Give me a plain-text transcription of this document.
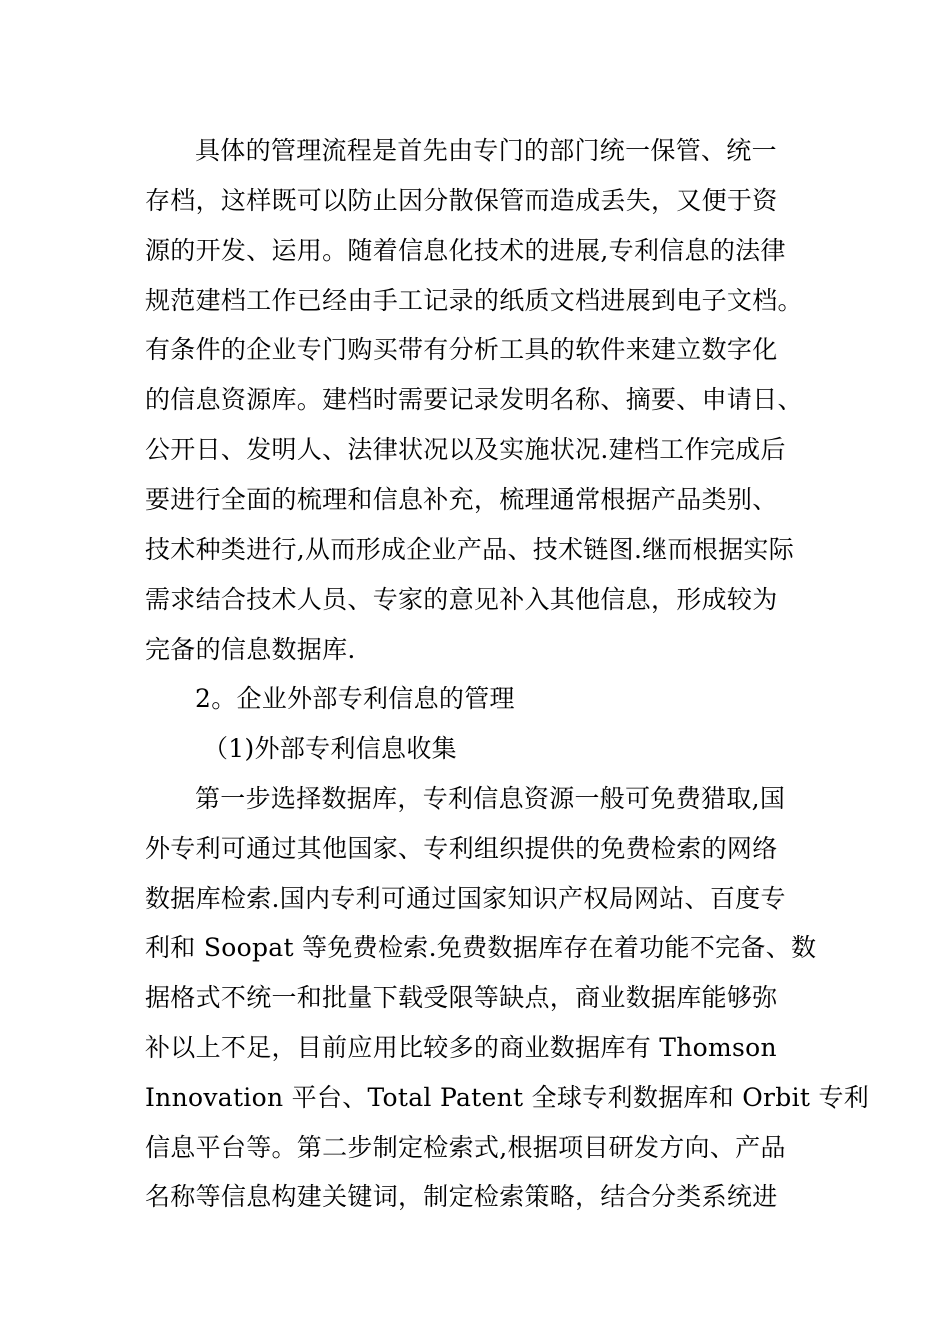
具体的管理流程是首先由专门的部门统一保管、统一
存档，这样既可以防止因分散保管而造成丢失，又便于资
源的开发、运用。随着信息化技术的进展,专利信息的法律
规范建档工作已经由手工记录的纸质文档进展到电子文档。
有条件的企业专门购买带有分析工具的软件来建立数字化
的信息资源库。建档时需要记录发明名称、摘要、申请日、
公开日、发明人、法律状况以及实施状况.建档工作完成后
要进行全面的梳理和信息补充，梳理通常根据产品类别、
技术种类进行,从而形成企业产品、技术链图.继而根据实际
需求结合技术人员、专家的意见补入其他信息，形成较为
完备的信息数据库.
2。企业外部专利信息的管理
（1)外部专利信息收集
第一步选择数据库，专利信息资源一般可免费猎取,国
外专利可通过其他国家、专利组织提供的免费检索的网络
数据库检索.国内专利可通过国家知识产权局网站、百度专
利和 Soopat 等免费检索.免费数据库存在着功能不完备、数
据格式不统一和批量下载受限等缺点，商业数据库能够弥
补以上不足，目前应用比较多的商业数据库有 Thomson
Innovation 平台、Total Patent 全球专利数据库和 Orbit 专利
信息平台等。第二步制定检索式,根据项目研发方向、产品
名称等信息构建关键词，制定检索策略，结合分类系统进
